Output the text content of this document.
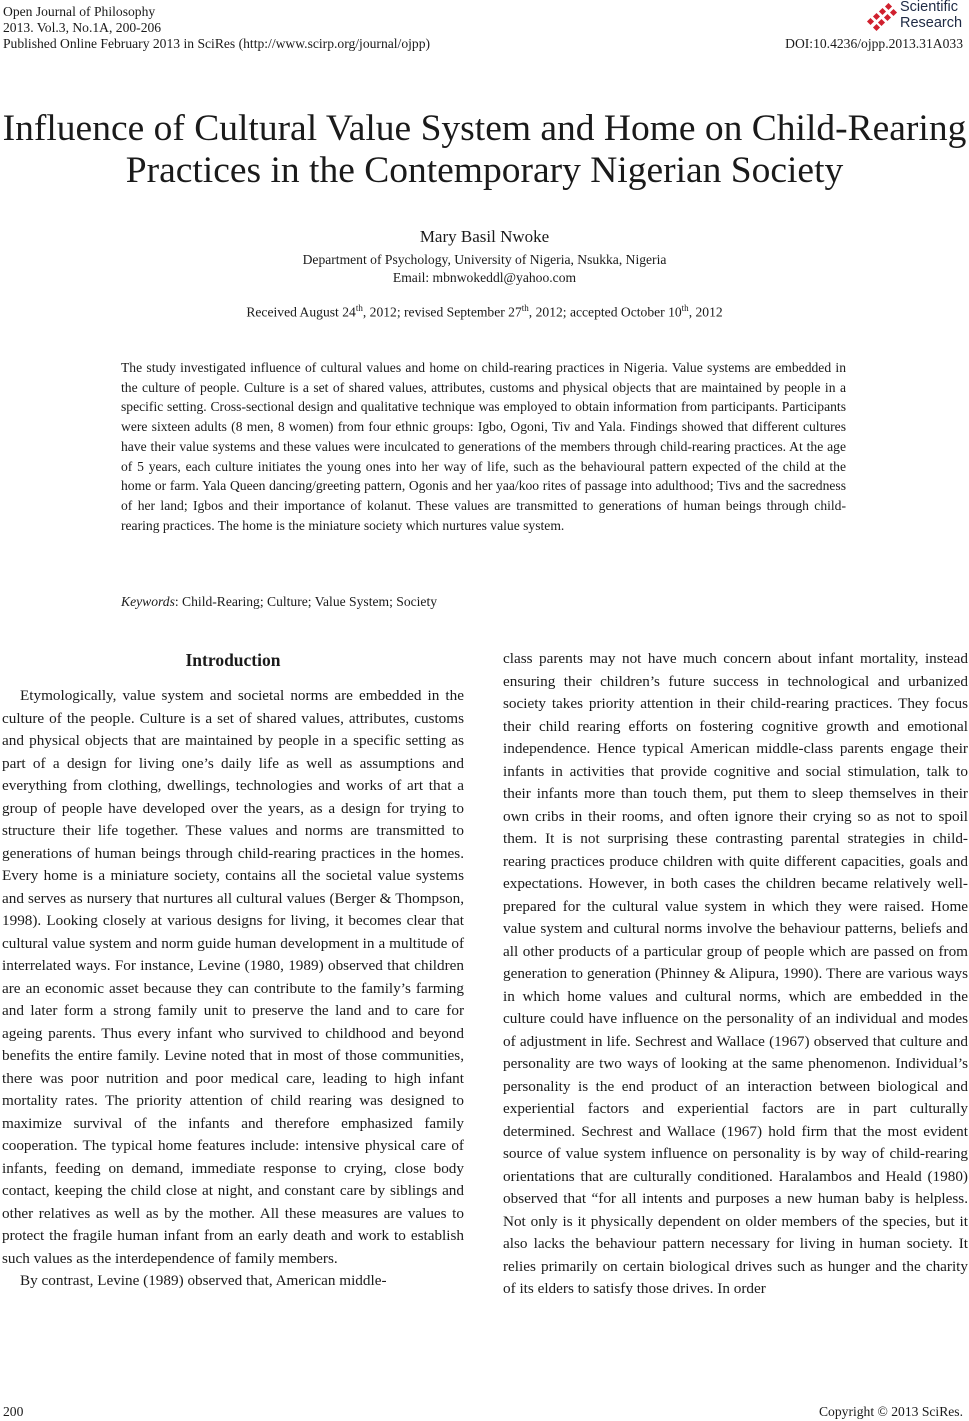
Open Journal of Philosophy
2013. Vol.3, No.1A, 200-206
Published Online February 2013 in SciRes (http://www.scirp.org/journal/ojpp)	DOI:10.4236/ojpp.2013.31A033
Scientific
Research
Influence of Cultural Value System and Home on Child-Rearing
Practices in the Contemporary Nigerian Society
Mary Basil Nwoke
Department of Psychology, University of Nigeria, Nsukka, Nigeria
Email: mbnwokeddl@yahoo.com
Received August 24th, 2012; revised September 27th, 2012; accepted October 10th, 2012
The study investigated influence of cultural values and home on child-rearing practices in Nigeria. Value systems are embedded in the culture of people. Culture is a set of shared values, attributes, customs and physical objects that are maintained by people in a specific setting. Cross-sectional design and qualitative technique was employed to obtain information from participants. Participants were sixteen adults (8 men, 8 women) from four ethnic groups: Igbo, Ogoni, Tiv and Yala. Findings showed that different cultures have their value systems and these values were inculcated to generations of the members through child-rearing practices. At the age of 5 years, each culture initiates the young ones into her way of life, such as the behavioural pattern expected of the child at the home or farm. Yala Queen dancing/greeting pattern, Ogonis and her yaa/koo rites of passage into adulthood; Tivs and the sacredness of her land; Igbos and their importance of kolanut. These values are transmitted to generations of human beings through child-rearing practices. The home is the miniature society which nurtures value system.
Keywords: Child-Rearing; Culture; Value System; Society
Introduction

Etymologically, value system and societal norms are embedded in the culture of the people. Culture is a set of shared values, attributes, customs and physical objects that are maintained by people in a specific setting as part of a design for living one’s daily life as well as assumptions and everything from clothing, dwellings, technologies and works of art that a group of people have developed over the years, as a design for trying to structure their life together. These values and norms are transmitted to generations of human beings through child-rearing practices in the homes. Every home is a miniature society, contains all the societal value systems and serves as nursery that nurtures all cultural values (Berger & Thompson, 1998). Looking closely at various designs for living, it becomes clear that cultural value system and norm guide human development in a multitude of interrelated ways. For instance, Levine (1980, 1989) observed that children are an economic asset because they can contribute to the family’s farming and later form a strong family unit to preserve the land and to care for ageing parents. Thus every infant who survived to childhood and beyond benefits the entire family. Levine noted that in most of those communities, there was poor nutrition and poor medical care, leading to high infant mortality rates. The priority attention of child rearing was designed to maximize survival of the infants and therefore emphasized family cooperation. The typical home features include: intensive physical care of infants, feeding on demand, immediate response to crying, close body contact, keeping the child close at night, and constant care by siblings and other relatives as well as by the mother. All these measures are values to protect the fragile human infant from an early death and work to establish such values as the interdependence of family members.

By contrast, Levine (1989) observed that, American middle-

class parents may not have much concern about infant mortality, instead ensuring their children’s future success in technological and urbanized society takes priority attention in their child-rearing practices. They focus their child rearing efforts on fostering cognitive growth and emotional independence. Hence typical American middle-class parents engage their infants in activities that provide cognitive and social stimulation, talk to their infants more than touch them, put them to sleep themselves in their own cribs in their rooms, and often ignore their crying so as not to spoil them. It is not surprising these contrasting parental strategies in child-rearing practices produce children with quite different capacities, goals and expectations. However, in both cases the children became relatively well-prepared for the cultural value system in which they were raised. Home value system and cultural norms involve the behaviour patterns, beliefs and all other products of a particular group of people which are passed on from generation to generation (Phinney & Alipura, 1990). There are various ways in which home values and cultural norms, which are embedded in the culture could have influence on the personality of an individual and modes of adjustment in life. Sechrest and Wallace (1967) observed that culture and personality are two ways of looking at the same phenomenon. Individual’s personality is the end product of an interaction between biological and experiential factors and experiential factors are in part culturally determined. Sechrest and Wallace (1967) hold firm that the most evident source of value system influence on personality is by way of child-rearing orientations that are culturally conditioned. Haralambos and Heald (1980) observed that “for all intents and purposes a new human baby is helpless. Not only is it physically dependent on older members of the species, but it also lacks the behaviour pattern necessary for living in human society. It relies primarily on certain biological drives such as hunger and the charity of its elders to satisfy those drives. In order

200	Copyright © 2013 SciRes.
